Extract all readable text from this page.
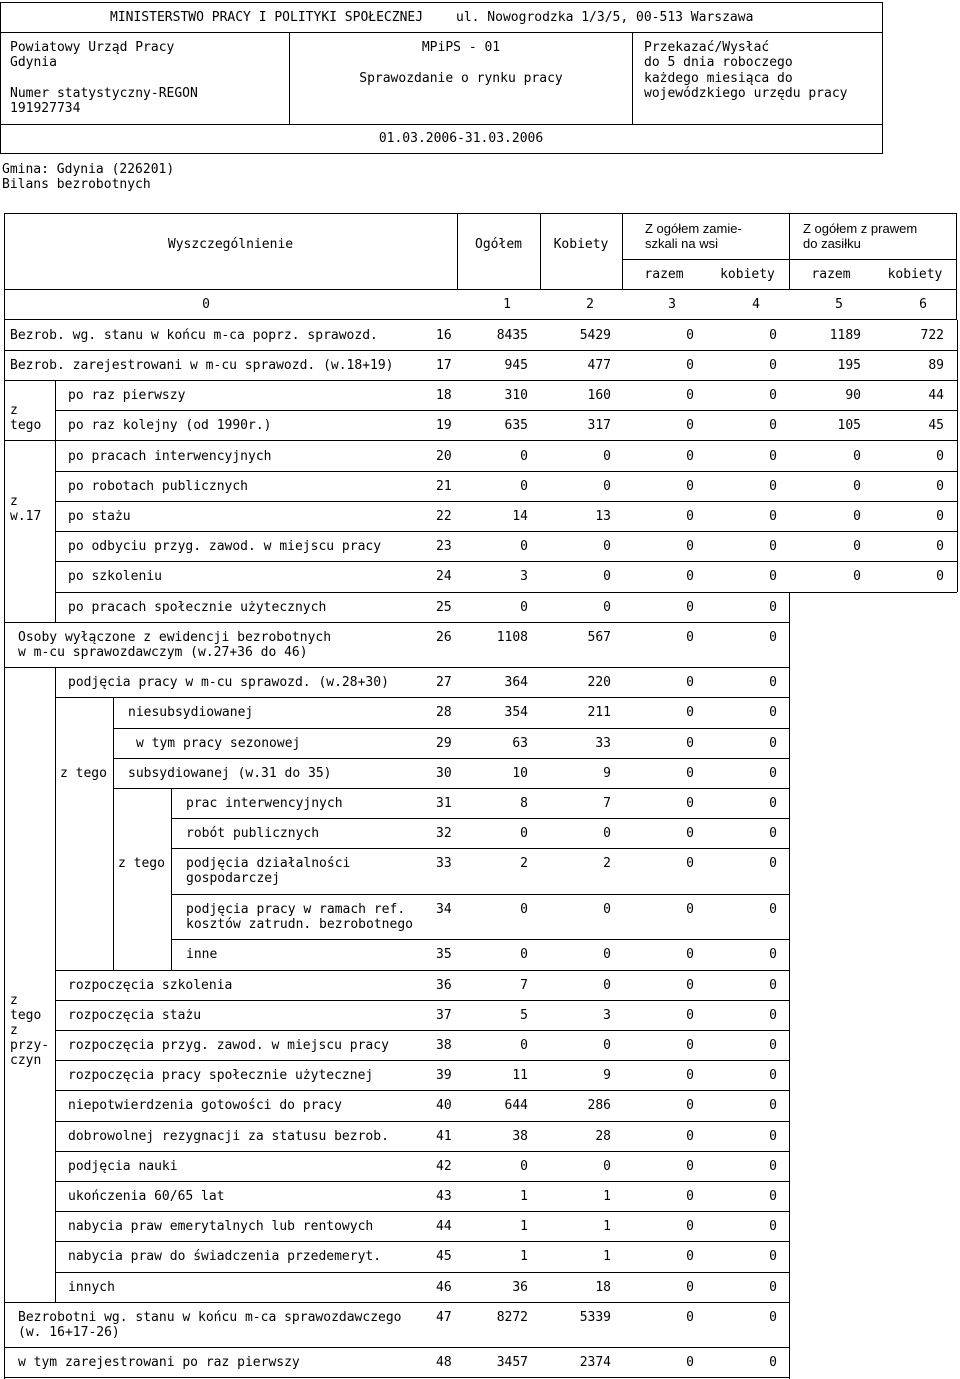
MINISTERSTWO PRACY I POLITYKI SPOŁECZNEJ	ul. Nowogrodzka 1/3/5, 00-513 Warszawa
Powiatowy Urząd Pracy
Gdynia
Numer statystyczny-REGON
191927734
MPiPS - 01
Sprawozdanie o rynku pracy
Przekazać/Wysłać
do 5 dnia roboczego
każdego miesiąca do
wojewódzkiego urzędu pracy
01.03.2006-31.03.2006
Gmina: Gdynia (226201)
Bilans bezrobotnych
Wyszczególnienie	Ogółem	Kobiety
Z ogółem zamie-
szkali na wsi
Z ogółem z prawem
do zasiłku
razem	kobiety	razem	kobiety
0	1	2	3	4	5	6
z
tego
z
w.17
z tego
z tego
z
tego
z
przy-
czyn
Bezrob. wg. stanu w końcu m-ca poprz. sprawozd.	16	8435	5429	0	0	1189	722
Bezrob. zarejestrowani w m-cu sprawozd. (w.18+19)	17	945	477	0	0	195	89
po raz pierwszy	18	310	160	0	0	90	44
po raz kolejny (od 1990r.)	19	635	317	0	0	105	45
po pracach interwencyjnych	20	0	0	0	0	0	0
po robotach publicznych	21	0	0	0	0	0	0
po stażu	22	14	13	0	0	0	0
po odbyciu przyg. zawod. w miejscu pracy	23	0	0	0	0	0	0
po szkoleniu	24	3	0	0	0	0	0
po pracach społecznie użytecznych	25	0	0	0	0
Osoby wyłączone z ewidencji bezrobotnych
w m-cu sprawozdawczym (w.27+36 do 46)
26	1108	567	0	0
podjęcia pracy w m-cu sprawozd. (w.28+30)	27	364	220	0	0
niesubsydiowanej	28	354	211	0	0
w tym pracy sezonowej	29	63	33	0	0
subsydiowanej (w.31 do 35)	30	10	9	0	0
prac interwencyjnych	31	8	7	0	0
robót publicznych	32	0	0	0	0
podjęcia działalności
gospodarczej
33	2	2	0	0
podjęcia pracy w ramach ref.
kosztów zatrudn. bezrobotnego
34	0	0	0	0
inne	35	0	0	0	0
rozpoczęcia szkolenia	36	7	0	0	0
rozpoczęcia stażu	37	5	3	0	0
rozpoczęcia przyg. zawod. w miejscu pracy	38	0	0	0	0
rozpoczęcia pracy społecznie użytecznej	39	11	9	0	0
niepotwierdzenia gotowości do pracy	40	644	286	0	0
dobrowolnej rezygnacji za statusu bezrob.	41	38	28	0	0
podjęcia nauki	42	0	0	0	0
ukończenia 60/65 lat	43	1	1	0	0
nabycia praw emerytalnych lub rentowych	44	1	1	0	0
nabycia praw do świadczenia przedemeryt.	45	1	1	0	0
innych	46	36	18	0	0
Bezrobotni wg. stanu w końcu m-ca sprawozdawczego
(w. 16+17-26)
47	8272	5339	0	0
w tym zarejestrowani po raz pierwszy	48	3457	2374	0	0
